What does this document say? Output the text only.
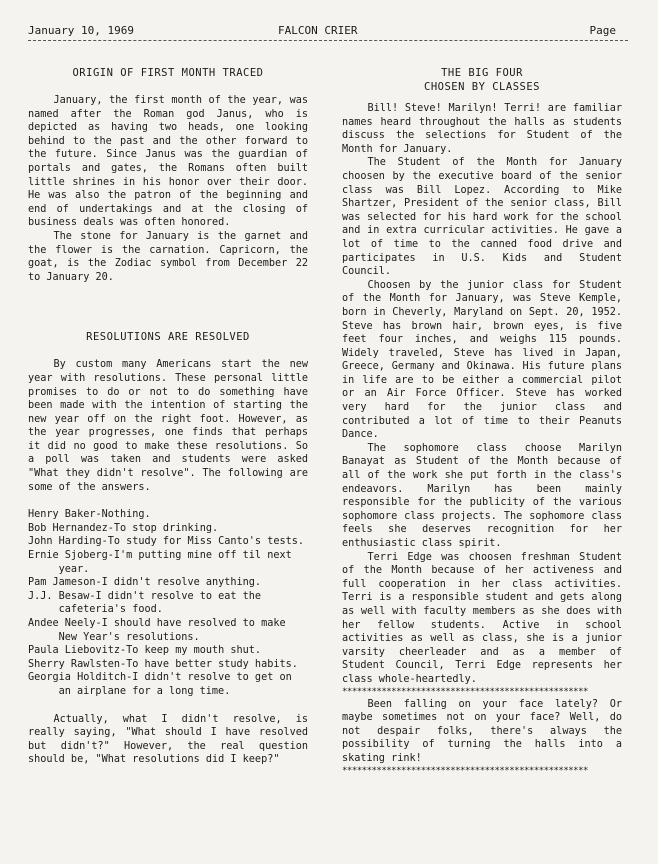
January 10, 1969	FALCON CRIER	Page
ORIGIN OF FIRST MONTH TRACED

January, the first month of the year, was named after the Roman god Janus, who is depicted as having two heads, one looking behind to the past and the other forward to the future. Since Janus was the guardian of portals and gates, the Romans often built little shrines in his honor over their door. He was also the patron of the beginning and end of undertakings and at the closing of business deals was often honored.

The stone for January is the garnet and the flower is the carnation. Capricorn, the goat, is the Zodiac symbol from December 22 to January 20.

RESOLUTIONS ARE RESOLVED

By custom many Americans start the new year with resolutions. These personal little promises to do or not to do something have been made with the intention of starting the new year off on the right foot. However, as the year progresses, one finds that perhaps it did no good to make these resolutions. So a poll was taken and students were asked "What they didn't resolve". The following are some of the answers.

Henry Baker-Nothing.
Bob Hernandez-To stop drinking.
John Harding-To study for Miss Canto's tests.
Ernie Sjoberg-I'm putting mine off til next year.
Pam Jameson-I didn't resolve anything.
J.J. Besaw-I didn't resolve to eat the cafeteria's food.
Andee Neely-I should have resolved to make New Year's resolutions.
Paula Liebovitz-To keep my mouth shut.
Sherry Rawlsten-To have better study habits.
Georgia Holditch-I didn't resolve to get on an airplane for a long time.

Actually, what I didn't resolve, is really saying, "What should I have resolved but didn't?" However, the real question should be, "What resolutions did I keep?"

THE BIG FOUR
CHOSEN BY CLASSES

Bill! Steve! Marilyn! Terri! are familiar names heard throughout the halls as students discuss the selections for Student of the Month for January.

The Student of the Month for January choosen by the executive board of the senior class was Bill Lopez. According to Mike Shartzer, President of the senior class, Bill was selected for his hard work for the school and in extra curricular activities. He gave a lot of time to the canned food drive and participates in U.S. Kids and Student Council.

Choosen by the junior class for Student of the Month for January, was Steve Kemple, born in Cheverly, Maryland on Sept. 20, 1952. Steve has brown hair, brown eyes, is five feet four inches, and weighs 115 pounds. Widely traveled, Steve has lived in Japan, Greece, Germany and Okinawa. His future plans in life are to be either a commercial pilot or an Air Force Officer. Steve has worked very hard for the junior class and contributed a lot of time to their Peanuts Dance.

The sophomore class choose Marilyn Banayat as Student of the Month because of all of the work she put forth in the class's endeavors. Marilyn has been mainly responsible for the publicity of the various sophomore class projects. The sophomore class feels she deserves recognition for her enthusiastic class spirit.

Terri Edge was choosen freshman Student of the Month because of her activeness and full cooperation in her class activities. Terri is a responsible student and gets along as well with faculty members as she does with her fellow students. Active in school activities as well as class, she is a junior varsity cheerleader and as a member of Student Council, Terri Edge represents her class whole-heartedly.

**************************************************

Been falling on your face lately? Or maybe sometimes not on your face? Well, do not despair folks, there's always the possibility of turning the halls into a skating rink!

**************************************************
